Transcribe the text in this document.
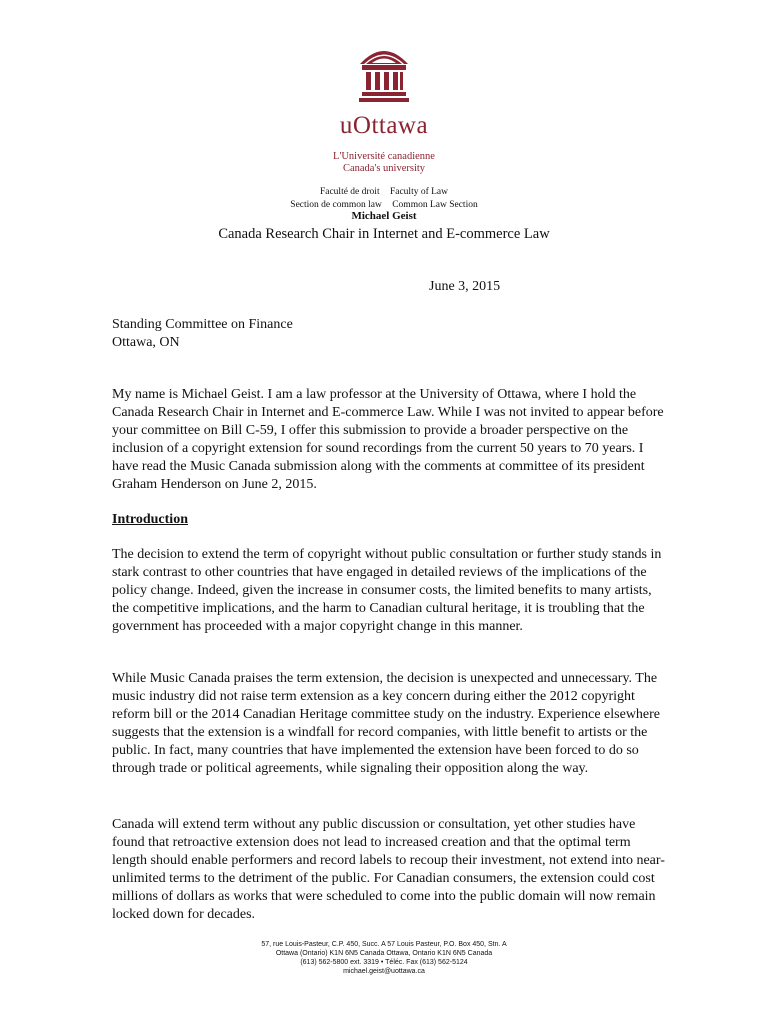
uOttawa
L'Université canadienne
Canada's university
Faculté de droit Faculty of Law
Section de common law Common Law Section
Michael Geist
Canada Research Chair in Internet and E-commerce Law
June 3, 2015
Standing Committee on Finance
Ottawa, ON

My name is Michael Geist. I am a law professor at the University of Ottawa, where I hold the Canada Research Chair in Internet and E-commerce Law. While I was not invited to appear before your committee on Bill C-59, I offer this submission to provide a broader perspective on the inclusion of a copyright extension for sound recordings from the current 50 years to 70 years. I have read the Music Canada submission along with the comments at committee of its president Graham Henderson on June 2, 2015.

Introduction

The decision to extend the term of copyright without public consultation or further study stands in stark contrast to other countries that have engaged in detailed reviews of the implications of the policy change. Indeed, given the increase in consumer costs, the limited benefits to many artists, the competitive implications, and the harm to Canadian cultural heritage, it is troubling that the government has proceeded with a major copyright change in this manner.

While Music Canada praises the term extension, the decision is unexpected and unnecessary. The music industry did not raise term extension as a key concern during either the 2012 copyright reform bill or the 2014 Canadian Heritage committee study on the industry. Experience elsewhere suggests that the extension is a windfall for record companies, with little benefit to artists or the public. In fact, many countries that have implemented the extension have been forced to do so through trade or political agreements, while signaling their opposition along the way.

Canada will extend term without any public discussion or consultation, yet other studies have found that retroactive extension does not lead to increased creation and that the optimal term length should enable performers and record labels to recoup their investment, not extend into near-unlimited terms to the detriment of the public. For Canadian consumers, the extension could cost millions of dollars as works that were scheduled to come into the public domain will now remain locked down for decades.

57, rue Louis-Pasteur, C.P. 450, Succ. A 57 Louis Pasteur, P.O. Box 450, Stn. A
Ottawa (Ontario) K1N 6N5 Canada Ottawa, Ontario K1N 6N5 Canada
(613) 562-5800 ext. 3319 • Téléc. Fax (613) 562-5124
michael.geist@uottawa.ca
